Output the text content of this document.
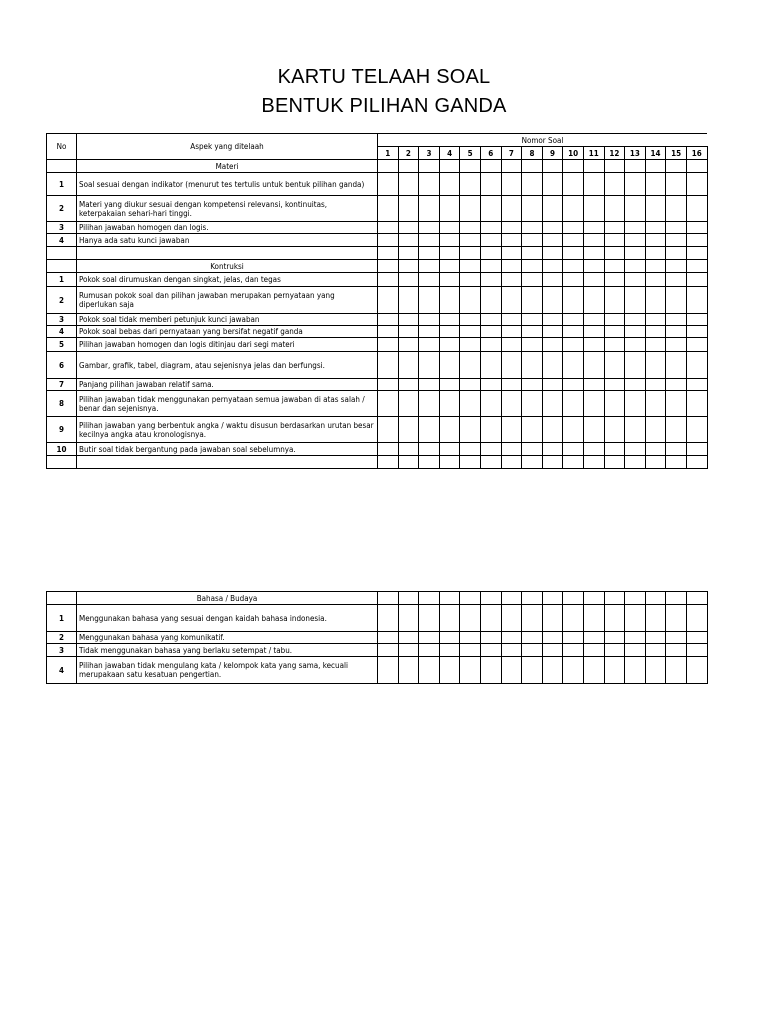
KARTU TELAAH SOAL
BENTUK PILIHAN GANDA
No	Aspek yang ditelaah	Nomor Soal															
		1	2	3	4	5	6	7	8	9	10	11	12	13	14	15	16
	Materi																
1	Soal sesuai dengan indikator (menurut tes tertulis untuk bentuk pilihan ganda)																
2	Materi yang diukur sesuai dengan kompetensi relevansi, kontinuitas, keterpakaian sehari-hari tinggi.																
3	Pilihan jawaban homogen dan logis.																
4	Hanya ada satu kunci jawaban																

	Kontruksi																
1	Pokok soal dirumuskan dengan singkat, jelas, dan tegas																
2	Rumusan pokok soal dan pilihan jawaban merupakan pernyataan yang diperlukan saja																
3	Pokok soal tidak memberi petunjuk kunci jawaban																
4	Pokok soal bebas dari pernyataan yang bersifat negatif ganda																
5	Pilihan jawaban homogen dan logis ditinjau dari segi materi																
6	Gambar, grafik, tabel, diagram, atau sejenisnya jelas dan berfungsi.																
7	Panjang pilihan jawaban relatif sama.																
8	Pilihan jawaban tidak menggunakan pernyataan semua jawaban di atas salah / benar dan sejenisnya.																
9	Pilihan jawaban yang berbentuk angka / waktu disusun berdasarkan urutan besar kecilnya angka atau kronologisnya.																
10	Butir soal tidak bergantung pada jawaban soal sebelumnya.																

	Bahasa / Budaya																
1	Menggunakan bahasa yang sesuai dengan kaidah bahasa indonesia.																
2	Menggunakan bahasa yang komunikatif.																
3	Tidak menggunakan bahasa yang berlaku setempat / tabu.																
4	Pilihan jawaban tidak mengulang kata / kelompok kata yang sama, kecuali merupakaan satu kesatuan pengertian.																
